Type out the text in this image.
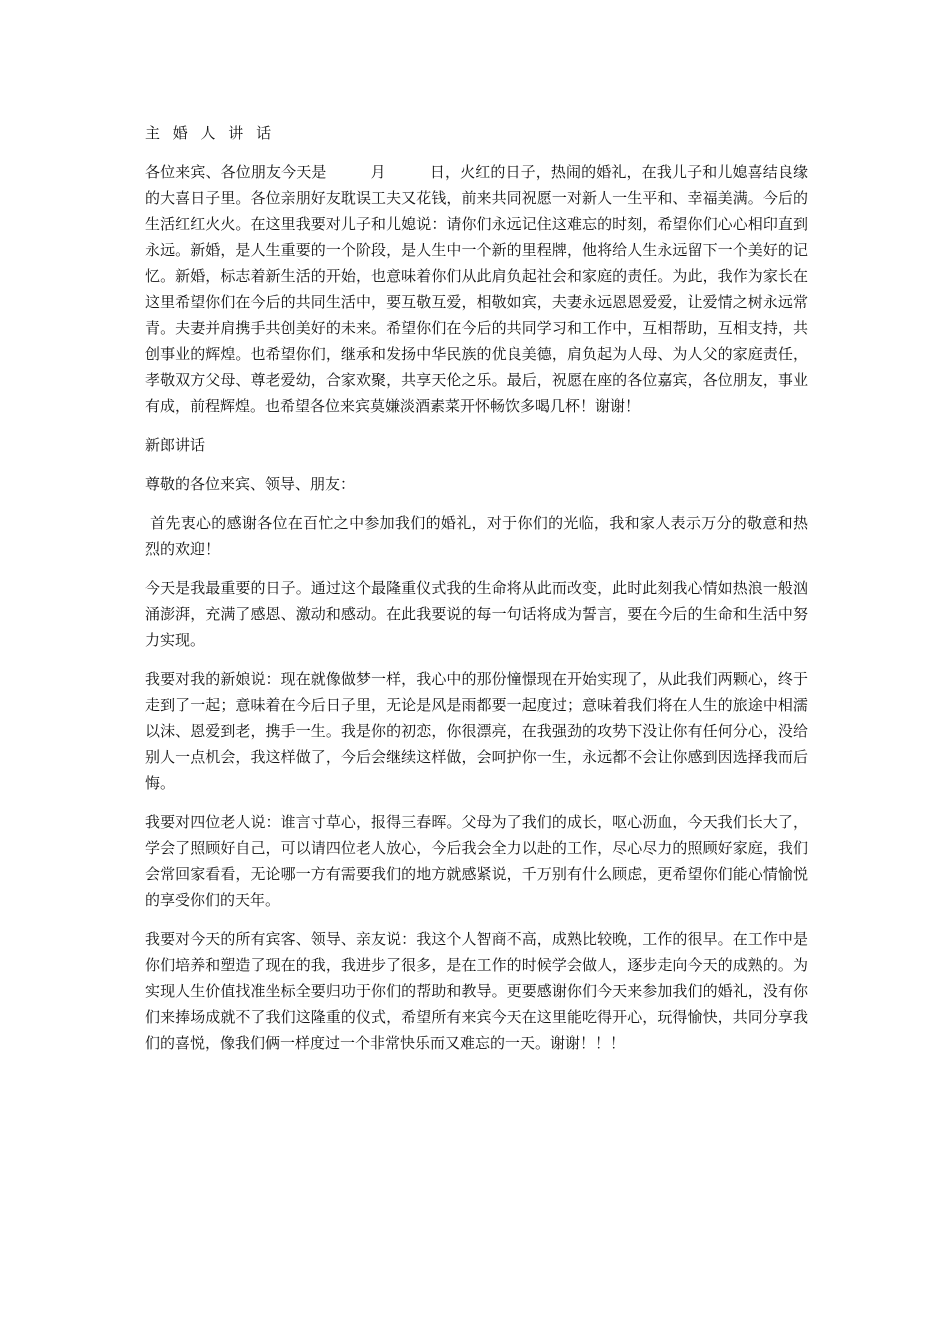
主 婚 人 讲 话
各位来宾、各位朋友今天是         月         日，火红的日子，热闹的婚礼，在我儿子和儿媳喜结良缘的大喜日子里。各位亲朋好友耽误工夫又花钱，前来共同祝愿一对新人一生平和、幸福美满。今后的生活红红火火。在这里我要对儿子和儿媳说：请你们永远记住这难忘的时刻，希望你们心心相印直到永远。新婚，是人生重要的一个阶段，是人生中一个新的里程牌，他将给人生永远留下一个美好的记忆。新婚，标志着新生活的开始，也意味着你们从此肩负起社会和家庭的责任。为此，我作为家长在这里希望你们在今后的共同生活中，要互敬互爱，相敬如宾，夫妻永远恩恩爱爱，让爱情之树永远常青。夫妻并肩携手共创美好的未来。希望你们在今后的共同学习和工作中，互相帮助，互相支持，共创事业的辉煌。也希望你们，继承和发扬中华民族的优良美德，肩负起为人母、为人父的家庭责任，孝敬双方父母、尊老爱幼，合家欢聚，共享天伦之乐。最后，祝愿在座的各位嘉宾，各位朋友，事业有成，前程辉煌。也希望各位来宾莫嫌淡酒素菜开怀畅饮多喝几杯！谢谢！
新郎讲话
尊敬的各位来宾、领导、朋友：
首先衷心的感谢各位在百忙之中参加我们的婚礼，对于你们的光临，我和家人表示万分的敬意和热烈的欢迎！
今天是我最重要的日子。通过这个最隆重仪式我的生命将从此而改变，此时此刻我心情如热浪一般汹涌澎湃，充满了感恩、激动和感动。在此我要说的每一句话将成为誓言，要在今后的生命和生活中努力实现。
我要对我的新娘说：现在就像做梦一样，我心中的那份憧憬现在开始实现了，从此我们两颗心，终于走到了一起；意味着在今后日子里，无论是风是雨都要一起度过；意味着我们将在人生的旅途中相濡以沫、恩爱到老，携手一生。我是你的初恋，你很漂亮，在我强劲的攻势下没让你有任何分心，没给别人一点机会，我这样做了，今后会继续这样做，会呵护你一生，永远都不会让你感到因选择我而后悔。
我要对四位老人说：谁言寸草心，报得三春晖。父母为了我们的成长，呕心沥血，今天我们长大了，学会了照顾好自己，可以请四位老人放心，今后我会全力以赴的工作，尽心尽力的照顾好家庭，我们会常回家看看，无论哪一方有需要我们的地方就感紧说，千万别有什么顾虑，更希望你们能心情愉悦的享受你们的天年。
我要对今天的所有宾客、领导、亲友说：我这个人智商不高，成熟比较晚，工作的很早。在工作中是你们培养和塑造了现在的我，我进步了很多，是在工作的时候学会做人，逐步走向今天的成熟的。为实现人生价值找准坐标全要归功于你们的帮助和教导。更要感谢你们今天来参加我们的婚礼，没有你们来捧场成就不了我们这隆重的仪式，希望所有来宾今天在这里能吃得开心，玩得愉快，共同分享我们的喜悦，像我们俩一样度过一个非常快乐而又难忘的一天。谢谢！！！
